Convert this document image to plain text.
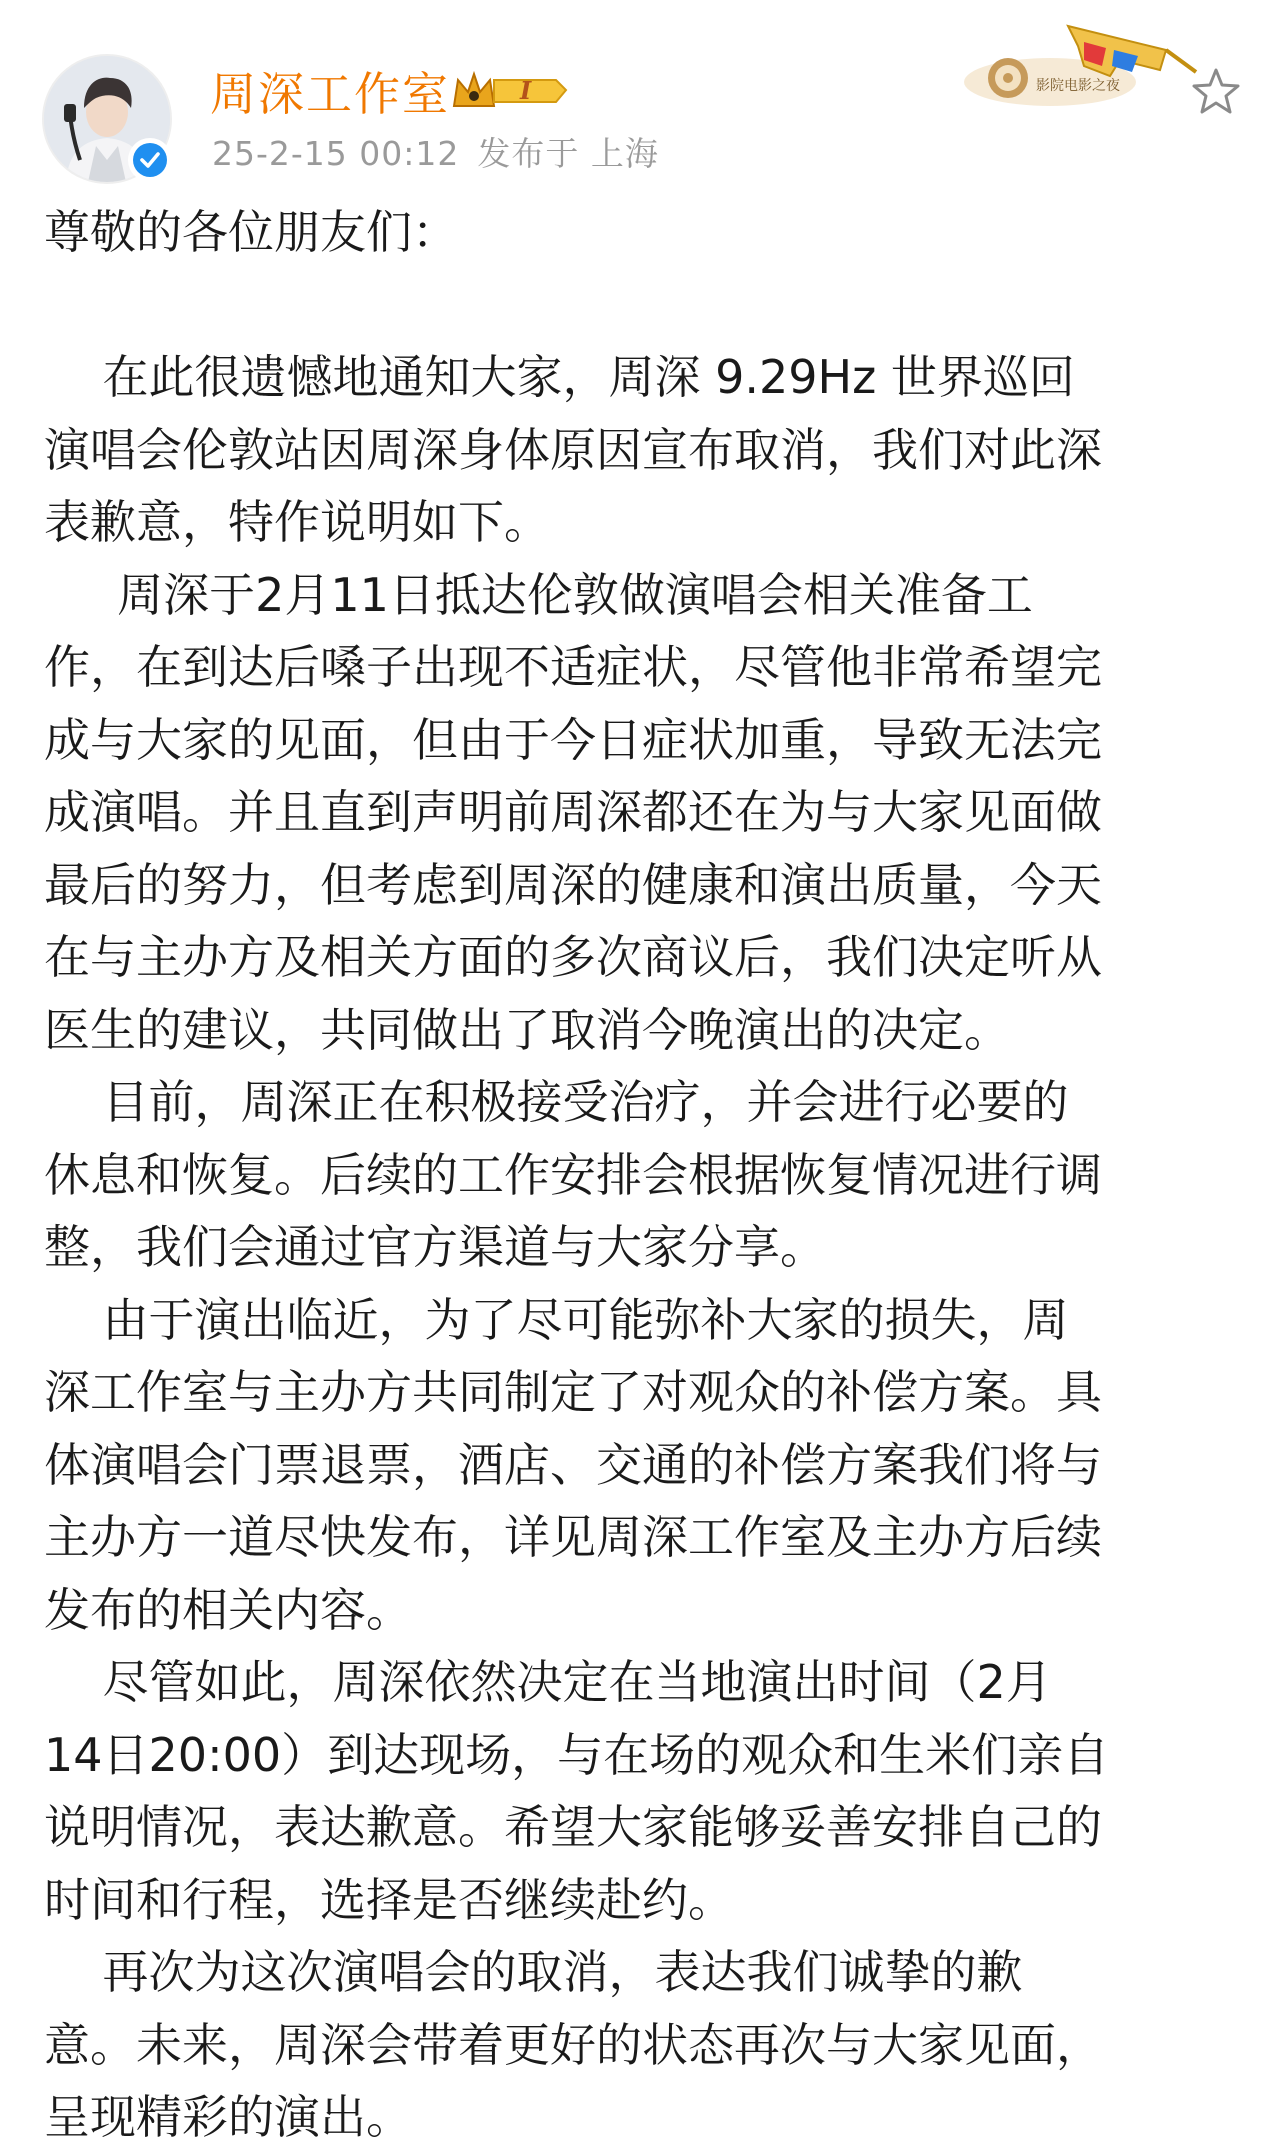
周深工作室	I
25-2-15 00:12 发布于 上海
影院电影之夜

尊敬的各位朋友们：

在此很遗憾地通知大家，周深 9.29Hz 世界巡回

演唱会伦敦站因周深身体原因宣布取消，我们对此深

表歉意，特作说明如下。

周深于2月11日抵达伦敦做演唱会相关准备工

作，在到达后嗓子出现不适症状，尽管他非常希望完

成与大家的见面，但由于今日症状加重，导致无法完

成演唱。并且直到声明前周深都还在为与大家见面做

最后的努力，但考虑到周深的健康和演出质量，今天

在与主办方及相关方面的多次商议后，我们决定听从

医生的建议，共同做出了取消今晚演出的决定。

目前，周深正在积极接受治疗，并会进行必要的

休息和恢复。后续的工作安排会根据恢复情况进行调

整，我们会通过官方渠道与大家分享。

由于演出临近，为了尽可能弥补大家的损失，周

深工作室与主办方共同制定了对观众的补偿方案。具

体演唱会门票退票，酒店、交通的补偿方案我们将与

主办方一道尽快发布，详见周深工作室及主办方后续

发布的相关内容。

尽管如此，周深依然决定在当地演出时间（2月

14日20:00）到达现场，与在场的观众和生米们亲自

说明情况，表达歉意。希望大家能够妥善安排自己的

时间和行程，选择是否继续赴约。

再次为这次演唱会的取消，表达我们诚挚的歉

意。未来，周深会带着更好的状态再次与大家见面，

呈现精彩的演出。
